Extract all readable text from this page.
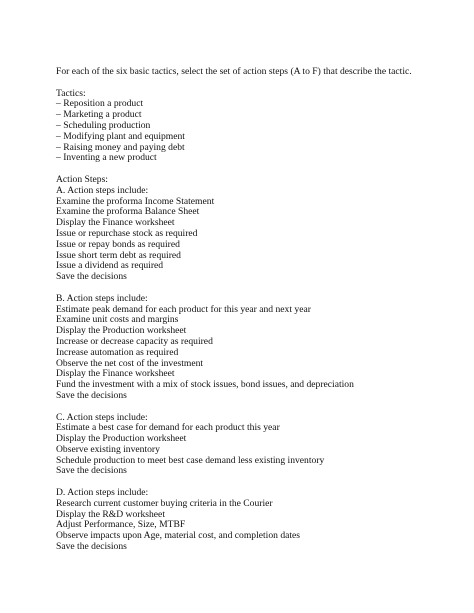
For each of the six basic tactics, select the set of action steps (A to F) that describe the tactic.
Tactics:
– Reposition a product
– Marketing a product
– Scheduling production
– Modifying plant and equipment
– Raising money and paying debt
– Inventing a new product
Action Steps:
A. Action steps include:
Examine the proforma Income Statement
Examine the proforma Balance Sheet
Display the Finance worksheet
Issue or repurchase stock as required
Issue or repay bonds as required
Issue short term debt as required
Issue a dividend as required
Save the decisions
B. Action steps include:
Estimate peak demand for each product for this year and next year
Examine unit costs and margins
Display the Production worksheet
Increase or decrease capacity as required
Increase automation as required
Observe the net cost of the investment
Display the Finance worksheet
Fund the investment with a mix of stock issues, bond issues, and depreciation
Save the decisions
C. Action steps include:
Estimate a best case for demand for each product this year
Display the Production worksheet
Observe existing inventory
Schedule production to meet best case demand less existing inventory
Save the decisions
D. Action steps include:
Research current customer buying criteria in the Courier
Display the R&D worksheet
Adjust Performance, Size, MTBF
Observe impacts upon Age, material cost, and completion dates
Save the decisions
